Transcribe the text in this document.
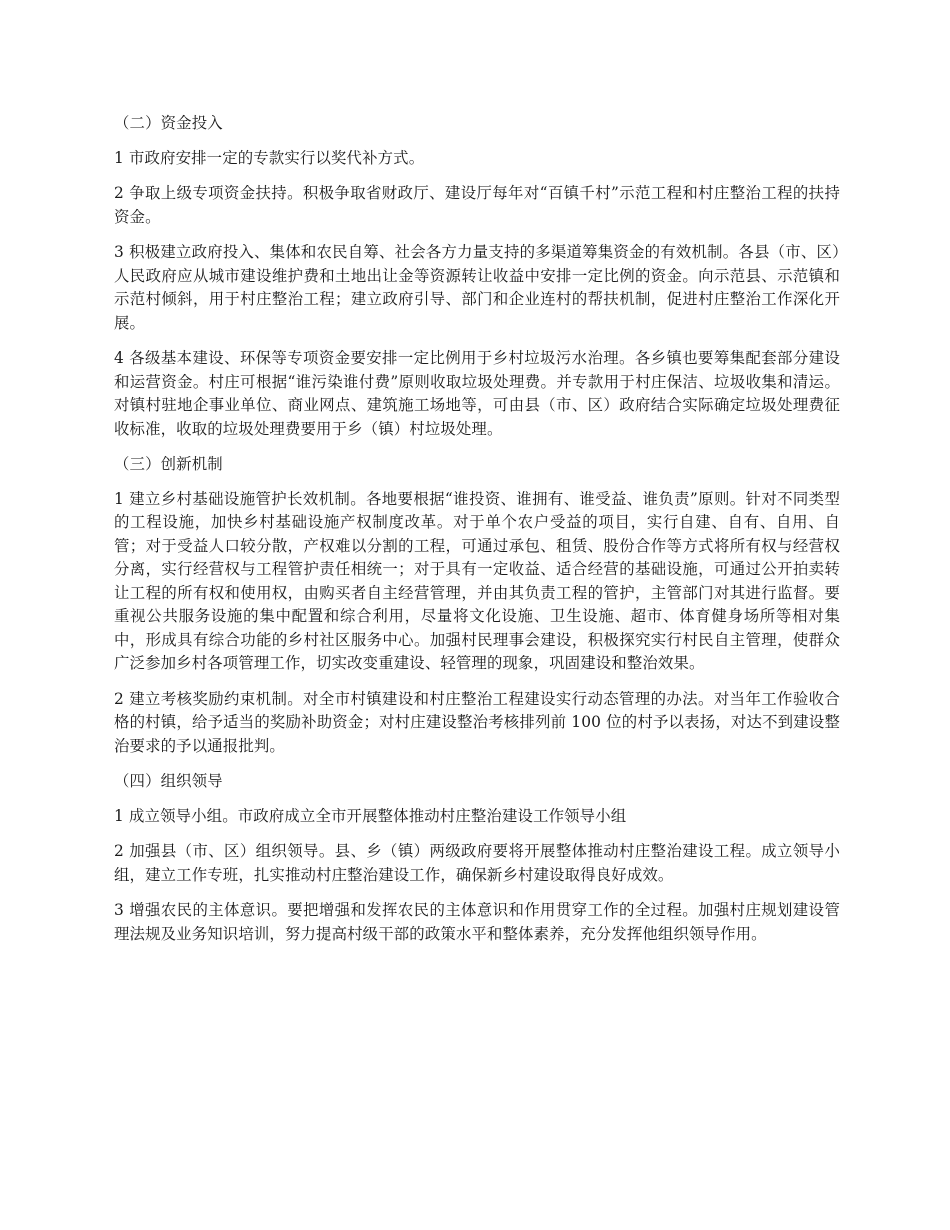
（二）资金投入

1 市政府安排一定的专款实行以奖代补方式。

2 争取上级专项资金扶持。积极争取省财政厅、建设厅每年对“百镇千村”示范工程和村庄整治工程的扶持资金。

3 积极建立政府投入、集体和农民自筹、社会各方力量支持的多渠道筹集资金的有效机制。各县（市、区）人民政府应从城市建设维护费和土地出让金等资源转让收益中安排一定比例的资金。向示范县、示范镇和示范村倾斜，用于村庄整治工程；建立政府引导、部门和企业连村的帮扶机制，促进村庄整治工作深化开展。

4 各级基本建设、环保等专项资金要安排一定比例用于乡村垃圾污水治理。各乡镇也要筹集配套部分建设和运营资金。村庄可根据“谁污染谁付费”原则收取垃圾处理费。并专款用于村庄保洁、垃圾收集和清运。对镇村驻地企事业单位、商业网点、建筑施工场地等，可由县（市、区）政府结合实际确定垃圾处理费征收标准，收取的垃圾处理费要用于乡（镇）村垃圾处理。

（三）创新机制

1 建立乡村基础设施管护长效机制。各地要根据“谁投资、谁拥有、谁受益、谁负责”原则。针对不同类型的工程设施，加快乡村基础设施产权制度改革。对于单个农户受益的项目，实行自建、自有、自用、自管；对于受益人口较分散，产权难以分割的工程，可通过承包、租赁、股份合作等方式将所有权与经营权分离，实行经营权与工程管护责任相统一；对于具有一定收益、适合经营的基础设施，可通过公开拍卖转让工程的所有权和使用权，由购买者自主经营管理，并由其负责工程的管护，主管部门对其进行监督。要重视公共服务设施的集中配置和综合利用，尽量将文化设施、卫生设施、超市、体育健身场所等相对集中，形成具有综合功能的乡村社区服务中心。加强村民理事会建设，积极探究实行村民自主管理，使群众广泛参加乡村各项管理工作，切实改变重建设、轻管理的现象，巩固建设和整治效果。

2 建立考核奖励约束机制。对全市村镇建设和村庄整治工程建设实行动态管理的办法。对当年工作验收合格的村镇，给予适当的奖励补助资金；对村庄建设整治考核排列前 100 位的村予以表扬，对达不到建设整治要求的予以通报批判。

（四）组织领导

1 成立领导小组。市政府成立全市开展整体推动村庄整治建设工作领导小组

2 加强县（市、区）组织领导。县、乡（镇）两级政府要将开展整体推动村庄整治建设工程。成立领导小组，建立工作专班，扎实推动村庄整治建设工作，确保新乡村建设取得良好成效。

3 增强农民的主体意识。要把增强和发挥农民的主体意识和作用贯穿工作的全过程。加强村庄规划建设管理法规及业务知识培训，努力提高村级干部的政策水平和整体素养，充分发挥他组织领导作用。
